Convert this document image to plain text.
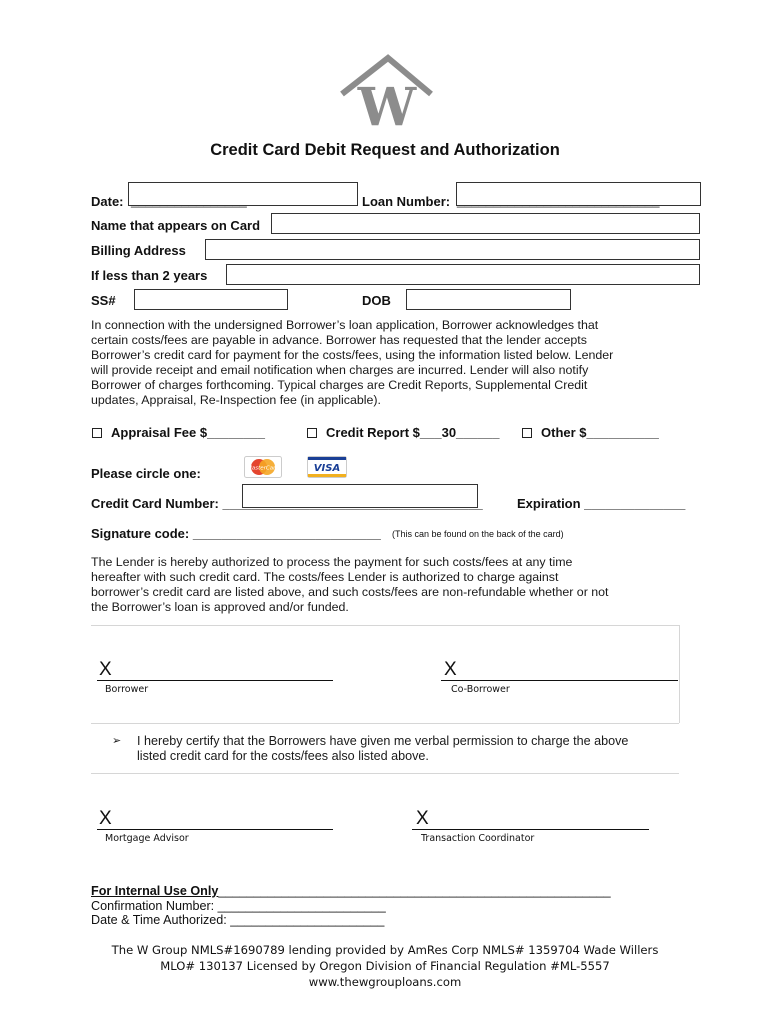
W
Credit Card Debit Request and Authorization
Date: ________________	Loan Number: ____________________________
Name that appears on Card
Billing Address
If less than 2 years
SS#	DOB
In connection with the undersigned Borrower’s loan application, Borrower acknowledges that
certain costs/fees are payable in advance. Borrower has requested that the lender accepts
Borrower’s credit card for payment for the costs/fees, using the information listed below. Lender
will provide receipt and email notification when charges are incurred. Lender will also notify
Borrower of charges forthcoming. Typical charges are Credit Reports, Supplemental Credit
updates, Appraisal, Re-Inspection fee (in applicable).
Appraisal Fee $________	Credit Report $___30______	Other $__________
Please circle one:	MasterCard	VISA
Credit Card Number: ____________________________________	Expiration ______________
Signature code: __________________________ (This can be found on the back of the card)
The Lender is hereby authorized to process the payment for such costs/fees at any time
hereafter with such credit card. The costs/fees Lender is authorized to charge against
borrower’s credit card are listed above, and such costs/fees are non-refundable whether or not
the Borrower’s loan is approved and/or funded.
X
Borrower
X
Co-Borrower
➢ I hereby certify that the Borrowers have given me verbal permission to charge the above
listed credit card for the costs/fees also listed above.
X
Mortgage Advisor
X
Transaction Coordinator
For Internal Use Only________________________________________________________
Confirmation Number: ________________________
Date & Time Authorized: ______________________
The W Group NMLS#1690789 lending provided by AmRes Corp NMLS# 1359704 Wade Willers
MLO# 130137 Licensed by Oregon Division of Financial Regulation #ML-5557
www.thewgrouploans.com
